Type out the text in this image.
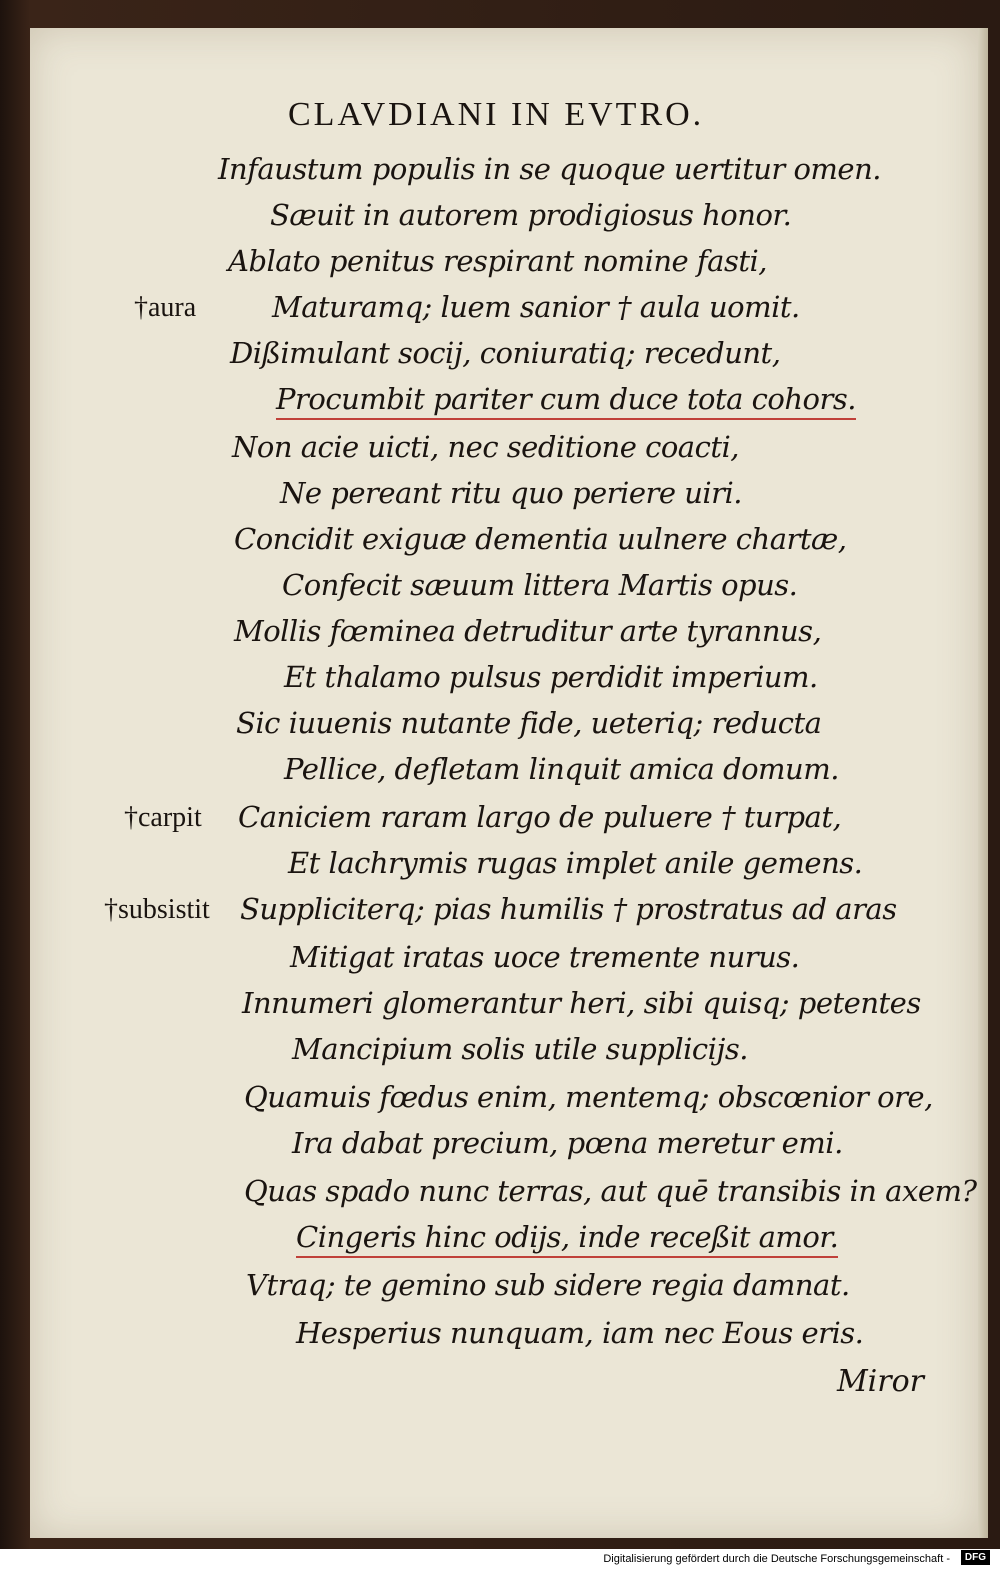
CLAVDIANI IN EVTRO.
Infaustum populis in se quoque uertitur omen.
Sæuit in autorem prodigiosus honor.
Ablato penitus respirant nomine fasti,
Maturamq; luem sanior † aula uomit.
Dißimulant socij, coniuratiq; recedunt,
Procumbit pariter cum duce tota cohors.
Non acie uicti, nec seditione coacti,
Ne pereant ritu quo periere uiri.
Concidit exiguæ dementia uulnere chartæ,
Confecit sæuum littera Martis opus.
Mollis fœminea detruditur arte tyrannus,
Et thalamo pulsus perdidit imperium.
Sic iuuenis nutante fide, ueteriq; reducta
Pellice, defletam linquit amica domum.
Caniciem raram largo de puluere † turpat,
Et lachrymis rugas implet anile gemens.
Suppliciterq; pias humilis † prostratus ad aras
Mitigat iratas uoce tremente nurus.
Innumeri glomerantur heri, sibi quisq; petentes
Mancipium solis utile supplicijs.
Quamuis fœdus enim, mentemq; obscœnior ore,
Ira dabat precium, pœna meretur emi.
Quas spado nunc terras, aut quē transibis in axem?
Cingeris hinc odijs, inde receßit amor.
Vtraq; te gemino sub sidere regia damnat.
Hesperius nunquam, iam nec Eous eris.
†aura
†carpit
†subsistit
Miror
Digitalisierung gefördert durch die Deutsche Forschungsgemeinschaft -	DFG
